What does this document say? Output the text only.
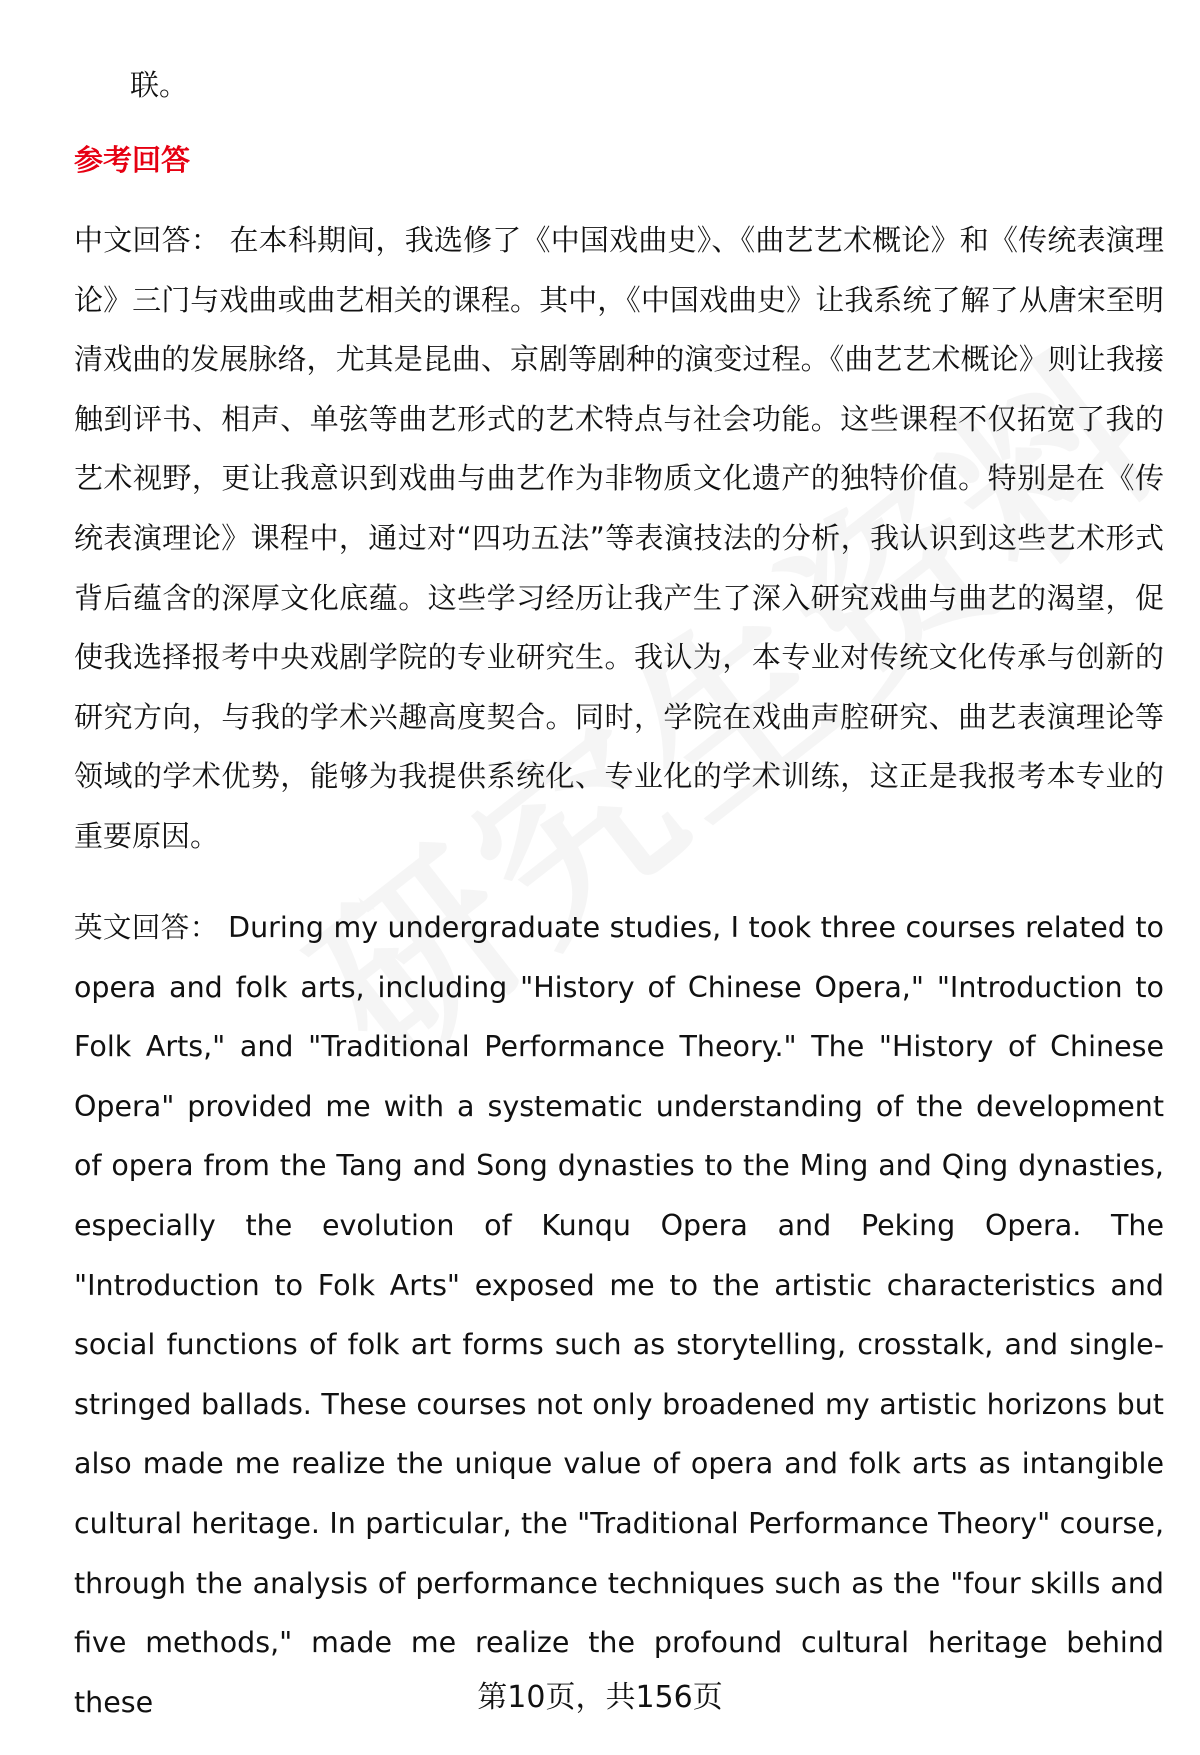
联。

参考回答

中文回答： 在本科期间，我选修了《中国戏曲史》、《曲艺艺术概论》和《传统表演理论》三门与戏曲或曲艺相关的课程。其中，《中国戏曲史》让我系统了解了从唐宋至明清戏曲的发展脉络，尤其是昆曲、京剧等剧种的演变过程。《曲艺艺术概论》则让我接触到评书、相声、单弦等曲艺形式的艺术特点与社会功能。这些课程不仅拓宽了我的艺术视野，更让我意识到戏曲与曲艺作为非物质文化遗产的独特价值。特别是在《传统表演理论》课程中，通过对“四功五法”等表演技法的分析，我认识到这些艺术形式背后蕴含的深厚文化底蕴。这些学习经历让我产生了深入研究戏曲与曲艺的渴望，促使我选择报考中央戏剧学院的专业研究生。我认为，本专业对传统文化传承与创新的研究方向，与我的学术兴趣高度契合。同时，学院在戏曲声腔研究、曲艺表演理论等领域的学术优势，能够为我提供系统化、专业化的学术训练，这正是我报考本专业的重要原因。

英文回答： During my undergraduate studies, I took three courses related to opera and folk arts, including "History of Chinese Opera," "Introduction to Folk Arts," and "Traditional Performance Theory." The "History of Chinese Opera" provided me with a systematic understanding of the development of opera from the Tang and Song dynasties to the Ming and Qing dynasties, especially the evolution of Kunqu Opera and Peking Opera. The "Introduction to Folk Arts" exposed me to the artistic characteristics and social functions of folk art forms such as storytelling, crosstalk, and single-stringed ballads. These courses not only broadened my artistic horizons but also made me realize the unique value of opera and folk arts as intangible cultural heritage. In particular, the "Traditional Performance Theory" course, through the analysis of performance techniques such as the "four skills and five methods," made me realize the profound cultural heritage behind these	第10页，共156页
